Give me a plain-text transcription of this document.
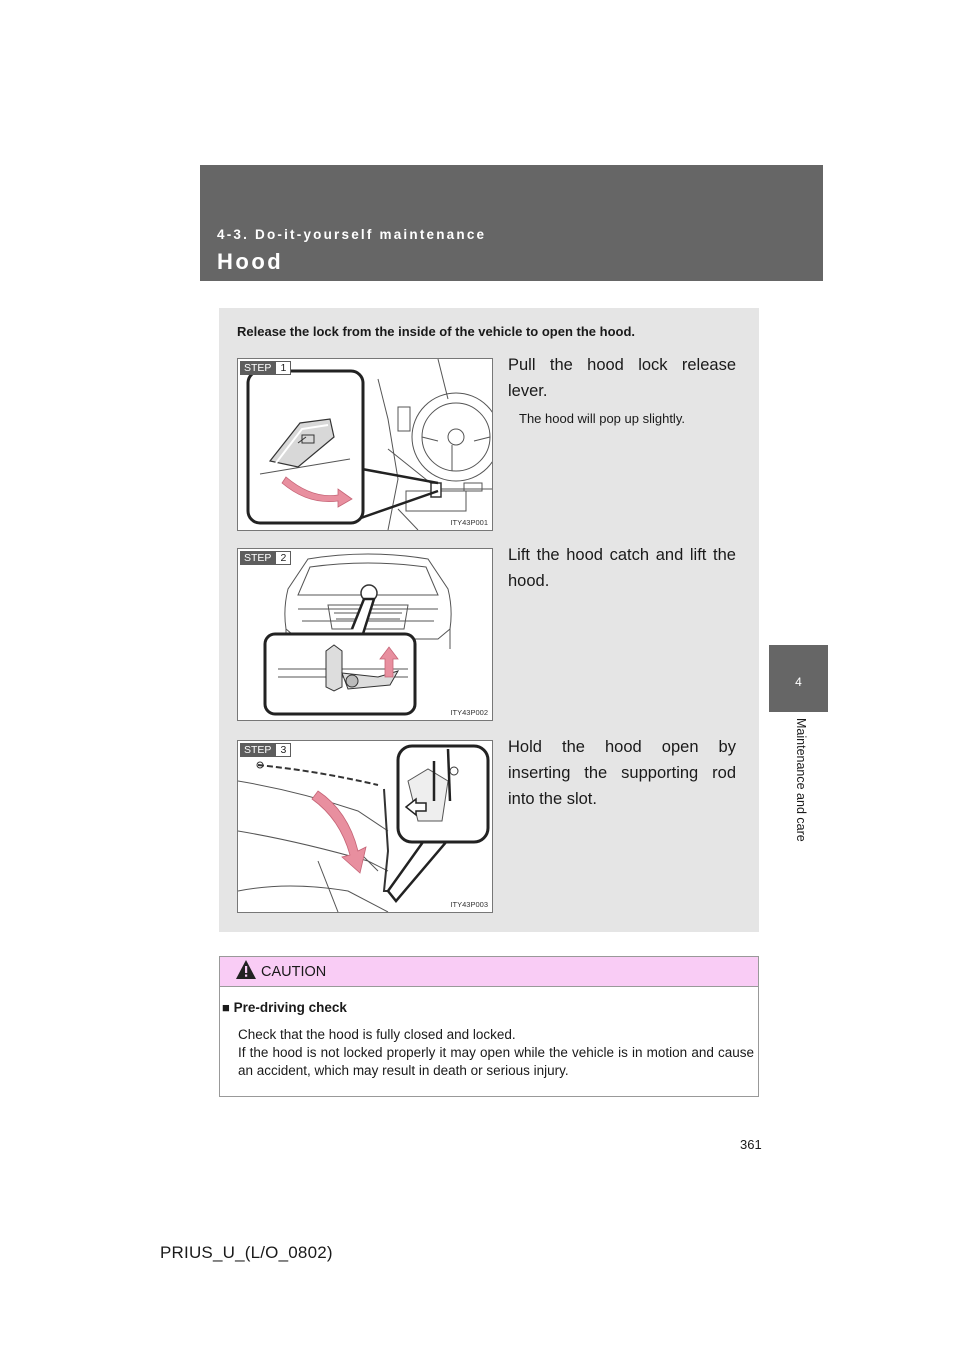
4-3. Do-it-yourself maintenance
Hood
4
Maintenance and care
Release the lock from the inside of the vehicle to open the hood.
STEP 1
ITY43P001
Pull the hood lock release lever.
The hood will pop up slightly.
STEP 2
ITY43P002
Lift the hood catch and lift the hood.
STEP 3
ITY43P003
Hold the hood open by inserting the supporting rod into the slot.
CAUTION
■ Pre-driving check
Check that the hood is fully closed and locked.
If the hood is not locked properly it may open while the vehicle is in motion and cause an accident, which may result in death or serious injury.
361
PRIUS_U_(L/O_0802)
